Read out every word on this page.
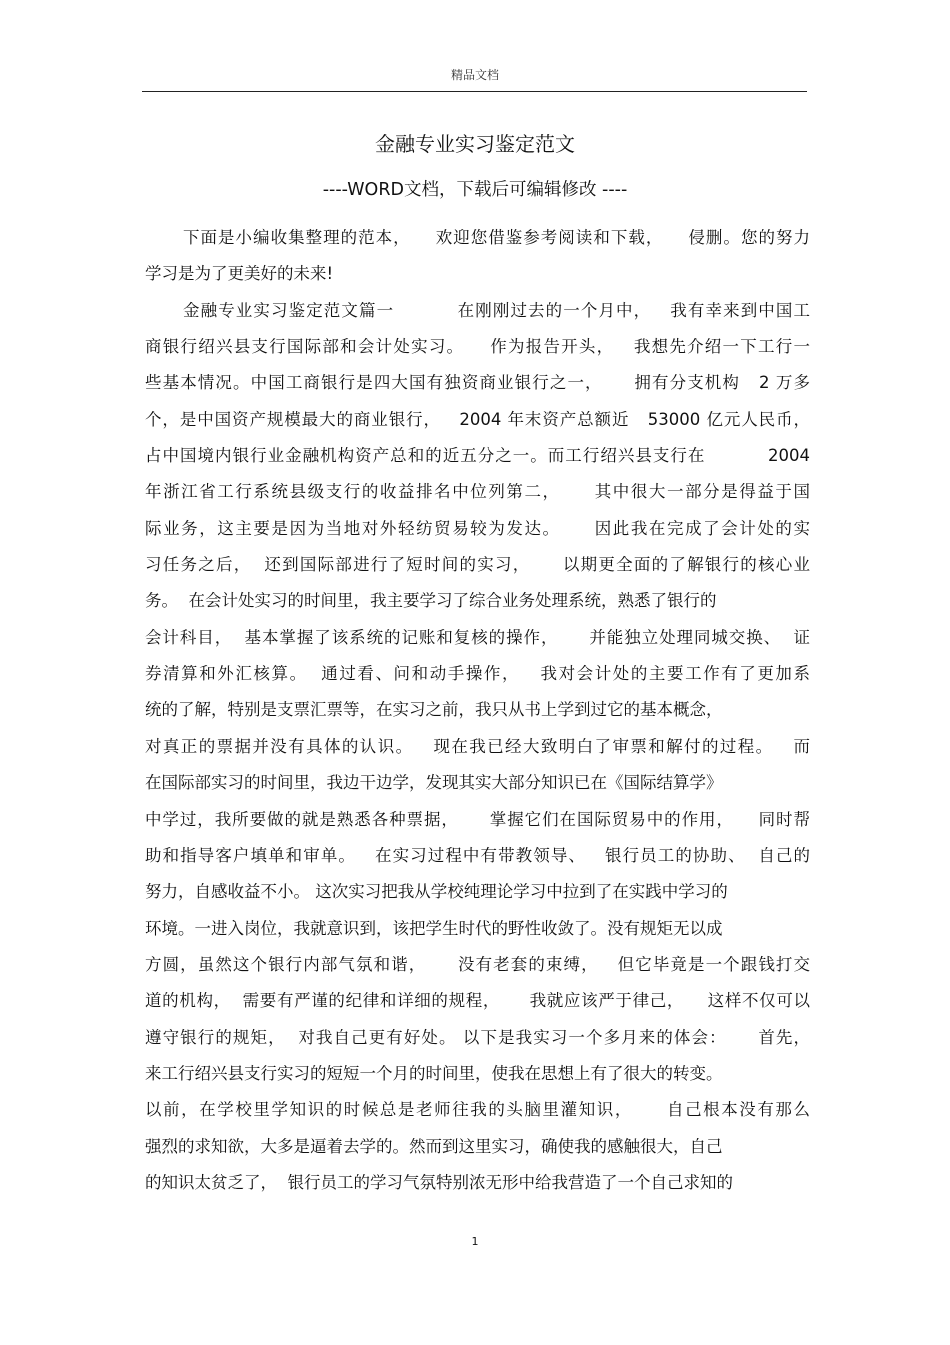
精品文档
金融专业实习鉴定范文
----WORD文档，下载后可编辑修改 ----
下面是小编收集整理的范本，    欢迎您借鉴参考阅读和下载，    侵删。您的努力
学习是为了更美好的未来!
金融专业实习鉴定范文篇一          在刚刚过去的一个月中，   我有幸来到中国工
商银行绍兴县支行国际部和会计处实习。    作为报告开头，   我想先介绍一下工行一
些基本情况。中国工商银行是四大国有独资商业银行之一，     拥有分支机构   2 万多
个，是中国资产规模最大的商业银行，   2004 年末资产总额近   53000 亿元人民币，
占中国境内银行业金融机构资产总和的近五分之一。而工行绍兴县支行在          2004
年浙江省工行系统县级支行的收益排名中位列第二，     其中很大一部分是得益于国
际业务，这主要是因为当地对外轻纺贸易较为发达。     因此我在完成了会计处的实
习任务之后，  还到国际部进行了短时间的实习，     以期更全面的了解银行的核心业
务。  在会计处实习的时间里，我主要学习了综合业务处理系统，熟悉了银行的
会计科目，  基本掌握了该系统的记账和复核的操作，     并能独立处理同城交换、  证
券清算和外汇核算。  通过看、问和动手操作，   我对会计处的主要工作有了更加系
统的了解，特别是支票汇票等，在实习之前，我只从书上学到过它的基本概念，
对真正的票据并没有具体的认识。   现在我已经大致明白了审票和解付的过程。   而
在国际部实习的时间里，我边干边学，发现其实大部分知识已在《国际结算学》
中学过，我所要做的就是熟悉各种票据，     掌握它们在国际贸易中的作用，    同时帮
助和指导客户填单和审单。   在实习过程中有带教领导、   银行员工的协助、  自己的
努力，自感收益不小。 这次实习把我从学校纯理论学习中拉到了在实践中学习的
环境。一进入岗位，我就意识到，该把学生时代的野性收敛了。没有规矩无以成
方圆，虽然这个银行内部气氛和谐，     没有老套的束缚，   但它毕竟是一个跟钱打交
道的机构，  需要有严谨的纪律和详细的规程，     我就应该严于律己，    这样不仅可以
遵守银行的规矩，  对我自己更有好处。 以下是我实习一个多月来的体会：     首先，
来工行绍兴县支行实习的短短一个月的时间里，使我在思想上有了很大的转变。
以前，在学校里学知识的时候总是老师往我的头脑里灌知识，     自己根本没有那么
强烈的求知欲，大多是逼着去学的。然而到这里实习，确使我的感触很大，自己
的知识太贫乏了，  银行员工的学习气氛特别浓无形中给我营造了一个自己求知的
1
